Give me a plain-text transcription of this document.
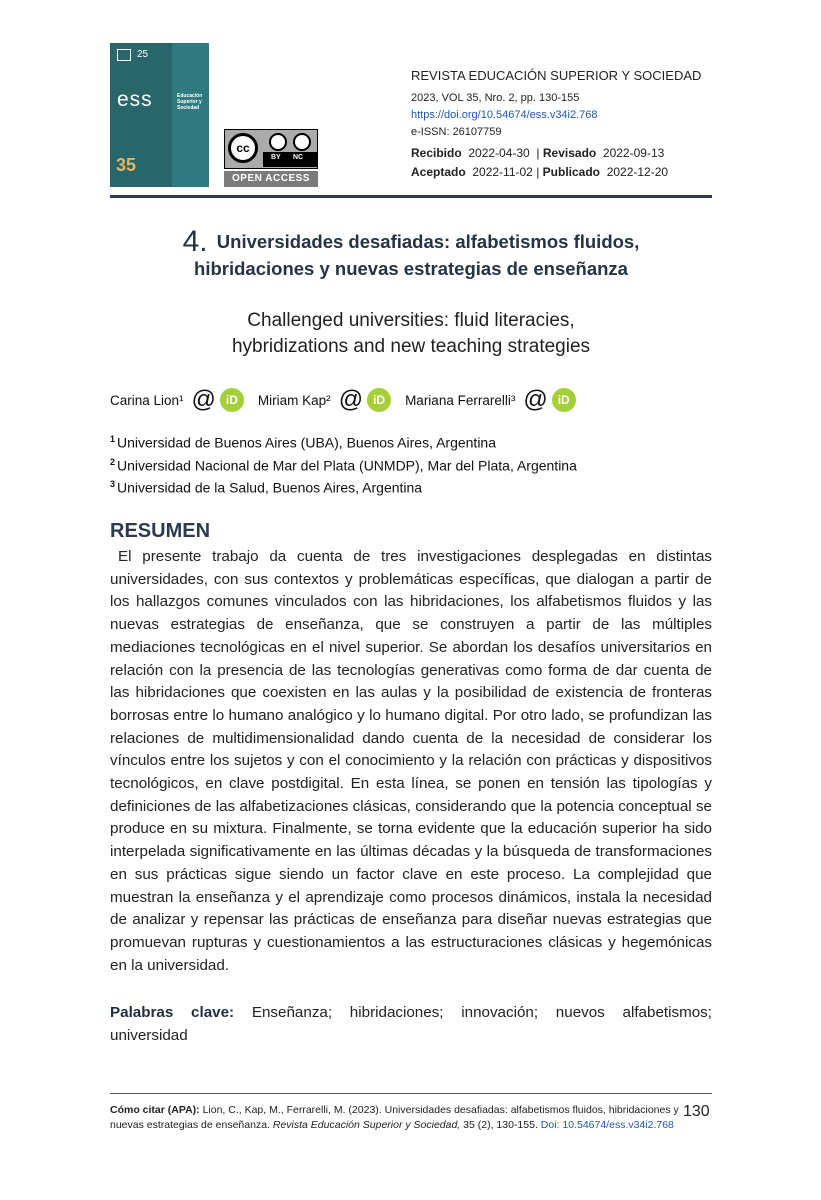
25
ess	Educación Superior y Sociedad
35
cc
BY NC
OPEN ACCESS
REVISTA EDUCACIÓN SUPERIOR Y SOCIEDAD
2023, VOL 35, Nro. 2, pp. 130-155
https://doi.org/10.54674/ess.v34i2.768
e-ISSN: 26107759
Recibido 2022-04-30 | Revisado 2022-09-13
Aceptado 2022-11-02 | Publicado 2022-12-20
4. Universidades desafiadas: alfabetismos fluidos,
hibridaciones y nuevas estrategias de enseñanza
Challenged universities: fluid literacies,
hybridizations and new teaching strategies
Carina Lion¹ @ iD	Miriam Kap² @ iD	Mariana Ferrarelli³ @ iD
$^1$ Universidad de Buenos Aires (UBA), Buenos Aires, Argentina
$^2$ Universidad Nacional de Mar del Plata (UNMDP), Mar del Plata, Argentina
$^3$ Universidad de la Salud, Buenos Aires, Argentina
RESUMEN
El presente trabajo da cuenta de tres investigaciones desplegadas en distintas universidades, con sus contextos y problemáticas específicas, que dialogan a partir de los hallazgos comunes vinculados con las hibridaciones, los alfabetismos fluidos y las nuevas estrategias de enseñanza, que se construyen a partir de las múltiples mediaciones tecnológicas en el nivel superior. Se abordan los desafíos universitarios en relación con la presencia de las tecnologías generativas como forma de dar cuenta de las hibridaciones que coexisten en las aulas y la posibilidad de existencia de fronteras borrosas entre lo humano analógico y lo humano digital. Por otro lado, se profundizan las relaciones de multidimensionalidad dando cuenta de la necesidad de considerar los vínculos entre los sujetos y con el conocimiento y la relación con prácticas y dispositivos tecnológicos, en clave postdigital. En esta línea, se ponen en tensión las tipologías y definiciones de las alfabetizaciones clásicas, considerando que la potencia conceptual se produce en su mixtura. Finalmente, se torna evidente que la educación superior ha sido interpelada significativamente en las últimas décadas y la búsqueda de transformaciones en sus prácticas sigue siendo un factor clave en este proceso. La complejidad que muestran la enseñanza y el aprendizaje como procesos dinámicos, instala la necesidad de analizar y repensar las prácticas de enseñanza para diseñar nuevas estrategias que promuevan rupturas y cuestionamientos a las estructuraciones clásicas y hegemónicas en la universidad.
Palabras clave: Enseñanza; hibridaciones; innovación; nuevos alfabetismos; universidad
Cómo citar (APA): Lion, C., Kap, M., Ferrarelli, M. (2023). Universidades desafiadas: alfabetismos fluidos, hibridaciones y nuevas estrategias de enseñanza. Revista Educación Superior y Sociedad, 35 (2), 130-155. Doi: 10.54674/ess.v34i2.768
130
